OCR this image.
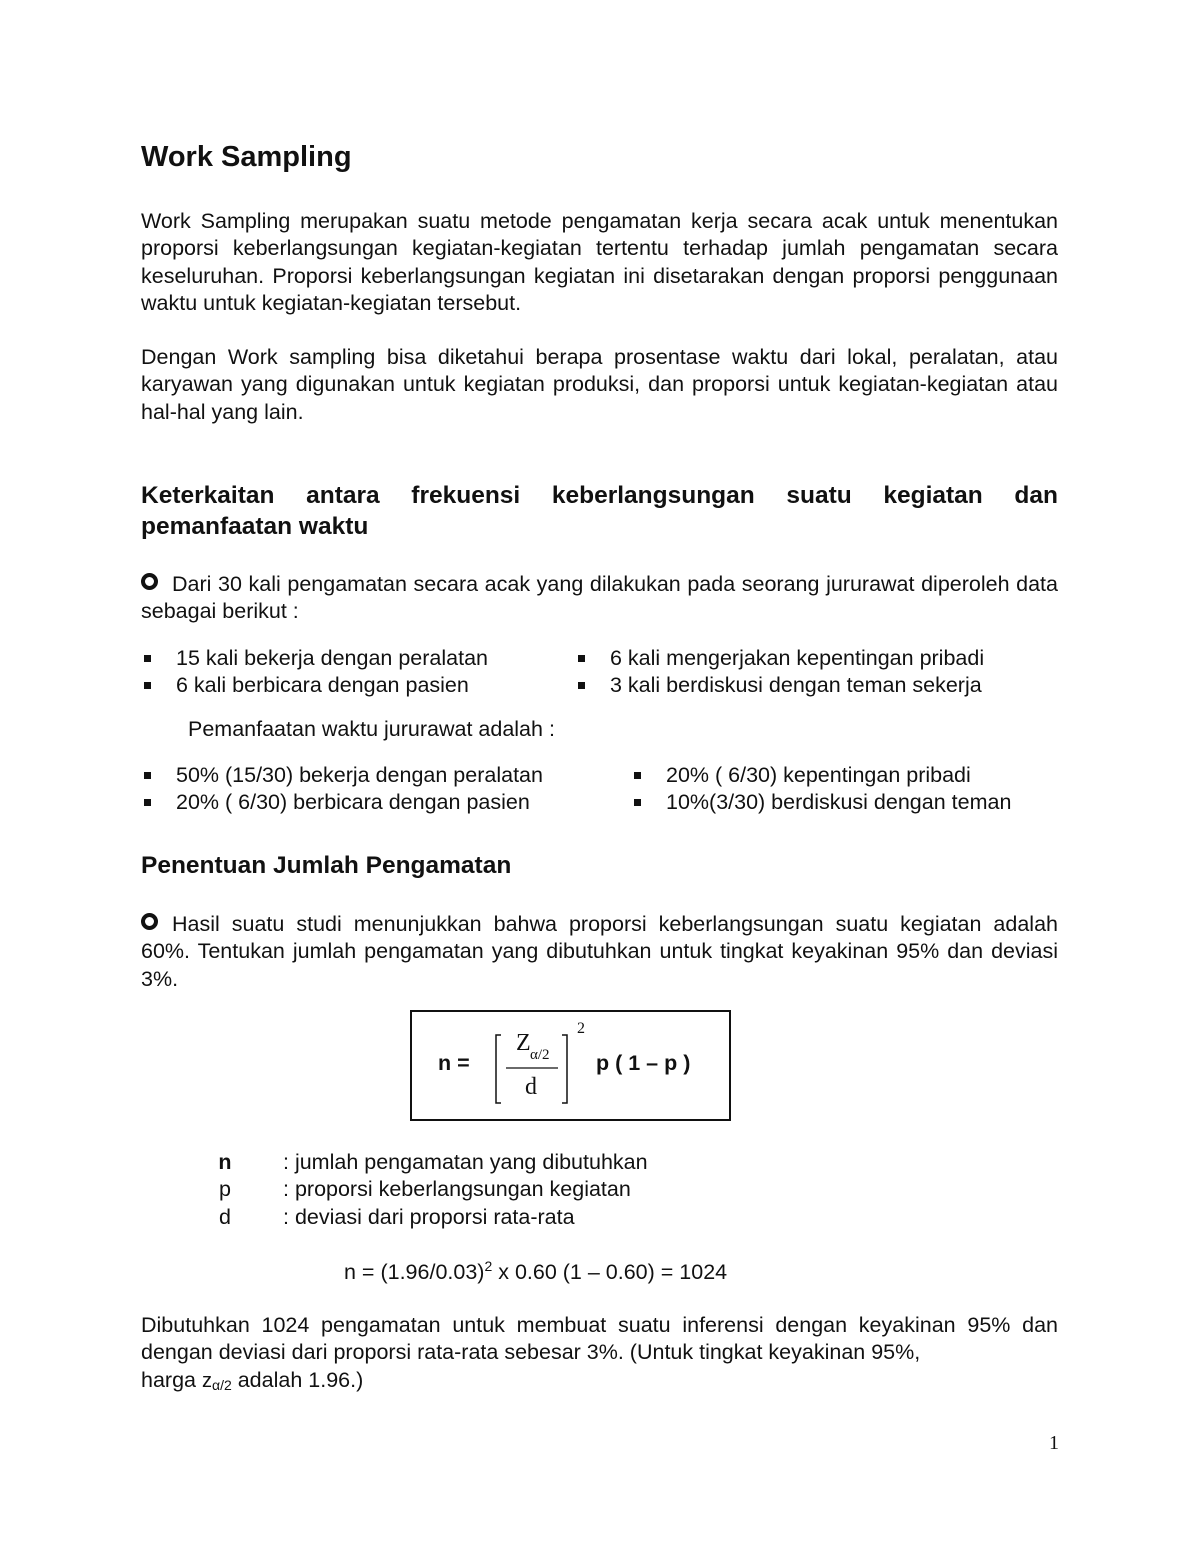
Work Sampling

Work Sampling merupakan suatu metode pengamatan kerja secara acak untuk menentukan proporsi keberlangsungan kegiatan-kegiatan tertentu terhadap jumlah pengamatan secara keseluruhan. Proporsi keberlangsungan kegiatan ini disetarakan dengan proporsi penggunaan waktu untuk kegiatan-kegiatan tersebut.

Dengan Work sampling bisa diketahui berapa prosentase waktu dari lokal, peralatan, atau karyawan yang digunakan untuk kegiatan produksi, dan proporsi untuk kegiatan-kegiatan atau hal-hal yang lain.

Keterkaitan antara frekuensi keberlangsungan suatu kegiatan dan pemanfaatan waktu

Dari 30 kali pengamatan secara acak yang dilakukan pada seorang jururawat diperoleh data sebagai berikut :

15 kali bekerja dengan peralatan
6 kali berbicara dengan pasien
6 kali mengerjakan kepentingan pribadi
3 kali berdiskusi dengan teman sekerja

Pemanfaatan waktu jururawat adalah :

50% (15/30) bekerja dengan peralatan
20% ( 6/30) berbicara dengan pasien
20% ( 6/30) kepentingan pribadi
10%(3/30) berdiskusi dengan teman
Penentuan Jumlah Pengamatan

Hasil suatu studi menunjukkan bahwa proporsi keberlangsungan suatu kegiatan adalah 60%. Tentukan jumlah pengamatan yang dibutuhkan untuk tingkat keyakinan 95% dan deviasi 3%.

n =
Z α/2
d
2
p ( 1 – p )
n	: jumlah pengamatan yang dibutuhkan
p	: proporsi keberlangsungan kegiatan
d	: deviasi dari proporsi rata-rata

$n = (1.96/0.03)^2$ x 0.60 (1 – 0.60) = 1024

Dibutuhkan 1024 pengamatan untuk membuat suatu inferensi dengan keyakinan 95% dan dengan deviasi dari proporsi rata-rata sebesar 3%. (Untuk tingkat keyakinan 95%,
harga $z_{\alpha/2}$ adalah 1.96.)

1
